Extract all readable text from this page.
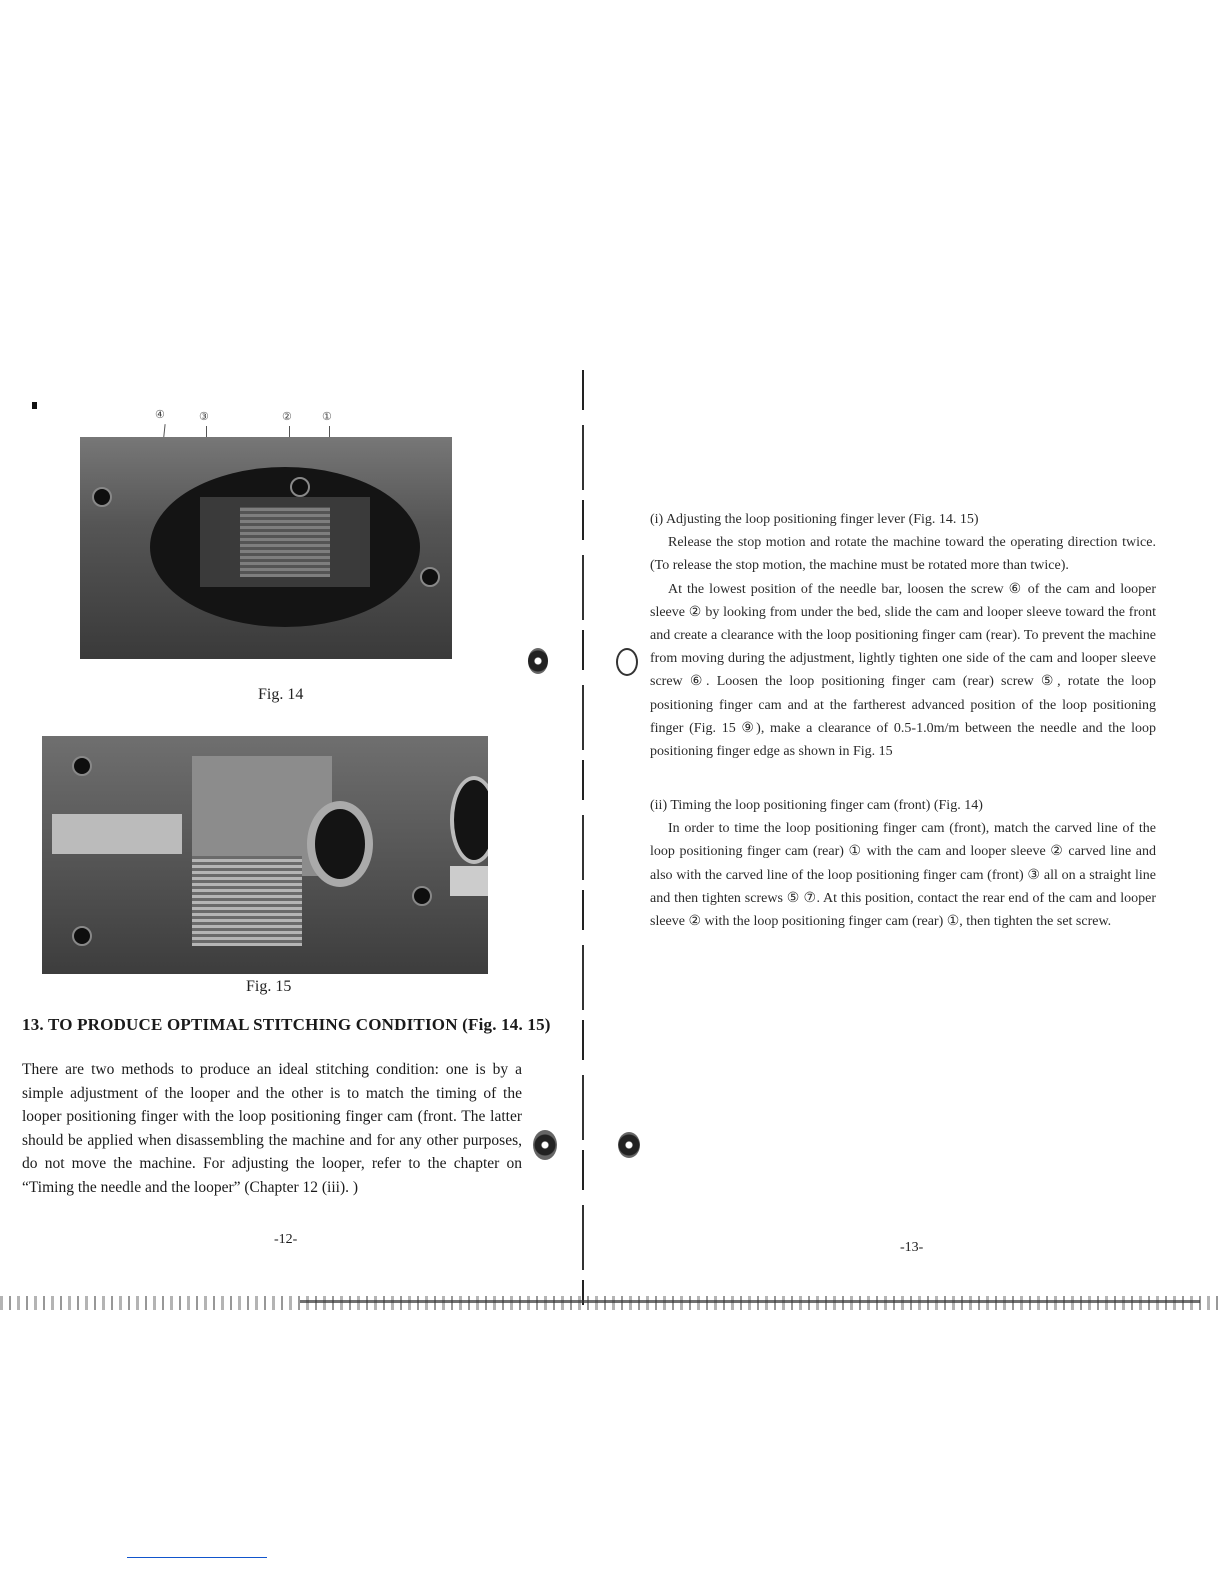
④	③	②	①
Fig. 14
Fig. 15
13. TO PRODUCE OPTIMAL STITCHING CONDITION (Fig. 14. 15)

There are two methods to produce an ideal stitching condition: one is by a simple adjustment of the looper and the other is to match the timing of the looper positioning finger with the loop positioning finger cam (front. The latter should be applied when disassembling the machine and for any other purposes, do not move the machine. For adjusting the looper, refer to the chapter on “Timing the needle and the looper” (Chapter 12 (iii). )

-12-
(i) Adjusting the loop positioning finger lever (Fig. 14. 15)
Release the stop motion and rotate the machine toward the operating direction twice. (To release the stop motion, the machine must be rotated more than twice).
At the lowest position of the needle bar, loosen the screw ⑥ of the cam and looper sleeve ② by looking from under the bed, slide the cam and looper sleeve toward the front and create a clearance with the loop positioning finger cam (rear). To prevent the machine from moving during the adjustment, lightly tighten one side of the cam and looper sleeve screw ⑥. Loosen the loop positioning finger cam (rear) screw ⑤, rotate the loop positioning finger cam and at the fartherest advanced position of the loop positioning finger (Fig. 15 ⑨), make a clearance of 0.5-1.0m/m between the needle and the loop positioning finger edge as shown in Fig. 15
(ii) Timing the loop positioning finger cam (front) (Fig. 14)
In order to time the loop positioning finger cam (front), match the carved line of the loop positioning finger cam (rear) ① with the cam and looper sleeve ② carved line and also with the carved line of the loop positioning finger cam (front) ③ all on a straight line and then tighten screws ⑤ ⑦. At this position, contact the rear end of the cam and looper sleeve ② with the loop positioning finger cam (rear) ①, then tighten the set screw.
-13-
